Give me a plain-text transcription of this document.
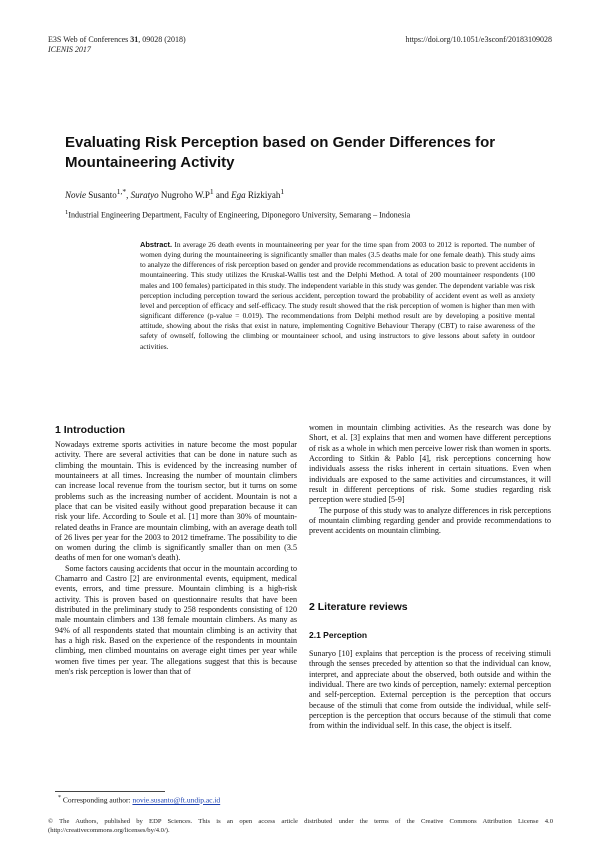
E3S Web of Conferences 31, 09028 (2018)
ICENIS 2017
https://doi.org/10.1051/e3sconf/20183109028
Evaluating Risk Perception based on Gender Differences for Mountaineering Activity
Novie Susanto$^{1,*}$, Suratyo Nugroho $W.P^1$ and Ega Rizkiyah$^1$
$^1$Industrial Engineering Department, Faculty of Engineering, Diponegoro University, Semarang – Indonesia
Abstract. In average 26 death events in mountaineering per year for the time span from 2003 to 2012 is reported. The number of women dying during the mountaineering is significantly smaller than males (3.5 deaths male for one female death). This study aims to analyze the differences of risk perception based on gender and provide recommendations as education basic to prevent accidents in mountaineering. This study utilizes the Kruskal-Wallis test and the Delphi Method. A total of 200 mountaineer respondents (100 males and 100 females) participated in this study. The independent variable in this study was gender. The dependent variable was risk perception including perception toward the serious accident, perception toward the probability of accident event as well as anxiety level and perception of efficacy and self-efficacy. The study result showed that the risk perception of women is higher than men with significant difference (p-value = 0.019). The recommendations from Delphi method result are by developing a positive mental attitude, showing about the risks that exist in nature, implementing Cognitive Behaviour Therapy (CBT) to raise awareness of the safety of ownself, following the climbing or mountaineer school, and using instructors to give lessons about safety in outdoor activities.
1 Introduction

Nowadays extreme sports activities in nature become the most popular activity. There are several activities that can be done in nature such as climbing the mountain. This is evidenced by the increasing number of mountaineers at all times. Increasing the number of mountain climbers can increase local revenue from the tourism sector, but it turns on some problems such as the increasing number of accident. Mountain is not a place that can be visited easily without good preparation because it can risk your life. According to Soule et al. [1] more than 30% of mountain-related deaths in France are mountain climbing, with an average death toll of 26 lives per year for the 2003 to 2012 timeframe. The possibility to die on women during the climb is significantly smaller than on men (3.5 deaths of men for one woman's death).

Some factors causing accidents that occur in the mountain according to Chamarro and Castro [2] are environmental events, equipment, medical events, errors, and time pressure. Mountain climbing is a high-risk activity. This is proven based on questionnaire results that have been distributed in the preliminary study to 258 respondents consisting of 120 male mountain climbers and 138 female mountain climbers. As many as 94% of all respondents stated that mountain climbing is an activity that has a high risk. Based on the experience of the respondents in mountain climbing, men climbed mountains on average eight times per year while women five times per year. The allegations suggest that this is because men's risk perception is lower than that of

women in mountain climbing activities. As the research was done by Short, et al. [3] explains that men and women have different perceptions of risk as a whole in which men perceive lower risk than women in sports. According to Sitkin & Pablo [4], risk perceptions concerning how individuals assess the risks inherent in certain situations. Even when individuals are exposed to the same activities and circumstances, it will result in different perceptions of risk. Some studies regarding risk perception were studied [5-9]

The purpose of this study was to analyze differences in risk perceptions of mountain climbing regarding gender and provide recommendations to prevent accidents on mountain climbing.

2 Literature reviews
2.1 Perception

Sunaryo [10] explains that perception is the process of receiving stimuli through the senses preceded by attention so that the individual can know, interpret, and appreciate about the observed, both outside and within the individual. There are two kinds of perception, namely: external perception and self-perception. External perception is the perception that occurs because of the stimuli that come from outside the individual, while self-perception is the perception that occurs because of the stimuli that come from within the individual self. In this case, the object is itself.

* Corresponding author: novie.susanto@ft.undip.ac.id
© The Authors, published by EDP Sciences. This is an open access article distributed under the terms of the Creative Commons Attribution License 4.0 (http://creativecommons.org/licenses/by/4.0/).
